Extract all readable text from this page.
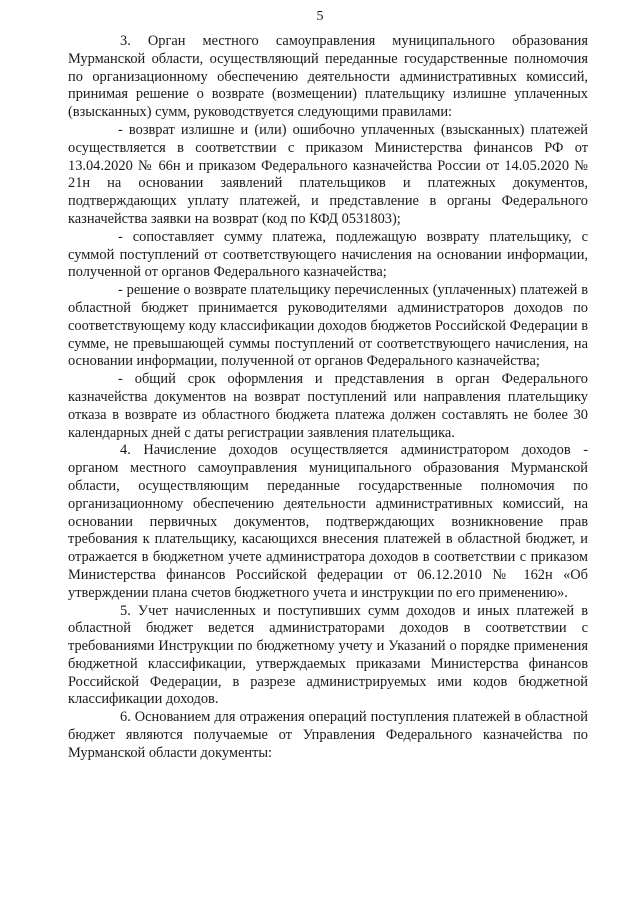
5

3. Орган местного самоуправления муниципального образования Мурманской области, осуществляющий переданные государственные полномочия по организационному обеспечению деятельности административных комиссий, принимая решение о возврате (возмещении) плательщику излишне уплаченных (взысканных) сумм, руководствуется следующими правилами:

- возврат излишне и (или) ошибочно уплаченных (взысканных) платежей осуществляется в соответствии с приказом Министерства финансов РФ от 13.04.2020 № 66н и приказом Федерального казначейства России от 14.05.2020 № 21н на основании заявлений плательщиков и платежных документов, подтверждающих уплату платежей, и представление в органы Федерального казначейства заявки на возврат (код по КФД 0531803);

- сопоставляет сумму платежа, подлежащую возврату плательщику, с суммой поступлений от соответствующего начисления на основании информации, полученной от органов Федерального казначейства;

- решение о возврате плательщику перечисленных (уплаченных) платежей в областной бюджет принимается руководителями администраторов доходов по соответствующему коду классификации доходов бюджетов Российской Федерации в сумме, не превышающей суммы поступлений от соответствующего начисления, на основании информации, полученной от органов Федерального казначейства;

- общий срок оформления и представления в орган Федерального казначейства документов на возврат поступлений или направления плательщику отказа в возврате из областного бюджета платежа должен составлять не более 30 календарных дней с даты регистрации заявления плательщика.

4. Начисление доходов осуществляется администратором доходов - органом местного самоуправления муниципального образования Мурманской области, осуществляющим переданные государственные полномочия по организационному обеспечению деятельности административных комиссий, на основании первичных документов, подтверждающих возникновение прав требования к плательщику, касающихся внесения платежей в областной бюджет, и отражается в бюджетном учете администратора доходов в соответствии с приказом Министерства финансов Российской федерации от 06.12.2010 № 162н «Об утверждении плана счетов бюджетного учета и инструкции по его применению».

5. Учет начисленных и поступивших сумм доходов и иных платежей в областной бюджет ведется администраторами доходов в соответствии с требованиями Инструкции по бюджетному учету и Указаний о порядке применения бюджетной классификации, утверждаемых приказами Министерства финансов Российской Федерации, в разрезе администрируемых ими кодов бюджетной классификации доходов.

6. Основанием для отражения операций поступления платежей в областной бюджет являются получаемые от Управления Федерального казначейства по Мурманской области документы:
